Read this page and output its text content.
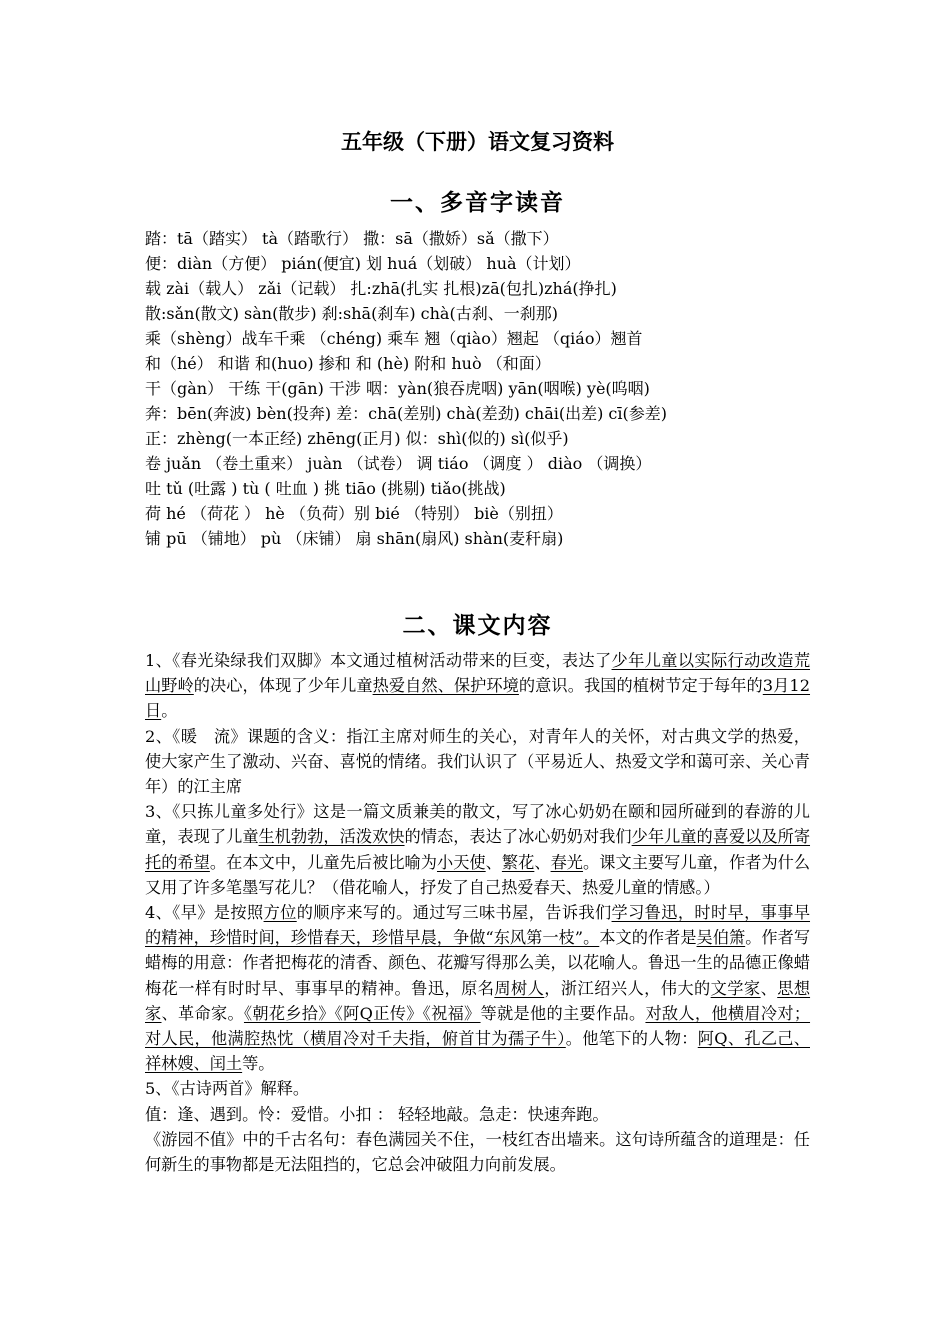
五年级（下册）语文复习资料
一、多音字读音
踏：tā（踏实） tà（踏歌行） 撒：sā（撒娇）sǎ（撒下）
便：diàn（方便） pián(便宜) 划 huá（划破） huà（计划）
载 zài（载人） zǎi（记载） 扎:zhā(扎实 扎根)zā(包扎)zhá(挣扎)
散:sǎn(散文) sàn(散步) 刹:shā(刹车) chà(古刹、一刹那)
乘（shèng）战车千乘 （chéng) 乘车 翘（qiào）翘起 （qiáo）翘首
和（hé） 和谐 和(huo) 掺和 和 (hè) 附和 huò （和面）
干（gàn） 干练 干(gān) 干涉 咽：yàn(狼吞虎咽) yān(咽喉) yè(呜咽)
奔：bēn(奔波) bèn(投奔) 差：chā(差别) chà(差劲) chāi(出差) cī(参差)
正：zhèng(一本正经) zhēng(正月) 似：shì(似的) sì(似乎)
卷 juǎn （卷土重来） juàn （试卷） 调 tiáo （调度 ） diào （调换）
吐 tǔ (吐露 ) tù ( 吐血 ) 挑 tiāo (挑剔) tiǎo(挑战)
荷 hé （荷花 ） hè （负荷）别 bié （特别） biè（别扭）
铺 pū （铺地） pù （床铺） 扇 shān(扇风) shàn(麦秆扇)
二、课文内容

1、《春光染绿我们双脚》本文通过植树活动带来的巨变，表达了少年儿童以实际行动改造荒山野岭的决心，体现了少年儿童热爱自然、保护环境的意识。我国的植树节定于每年的3月12日。

2、《暖　流》课题的含义：指江主席对师生的关心，对青年人的关怀，对古典文学的热爱，使大家产生了激动、兴奋、喜悦的情绪。我们认识了（平易近人、热爱文学和蔼可亲、关心青年）的江主席

3、《只拣儿童多处行》这是一篇文质兼美的散文，写了冰心奶奶在颐和园所碰到的春游的儿童，表现了儿童生机勃勃，活泼欢快的情态，表达了冰心奶奶对我们少年儿童的喜爱以及所寄托的希望。在本文中，儿童先后被比喻为小天使、繁花、春光。课文主要写儿童，作者为什么又用了许多笔墨写花儿？（借花喻人，抒发了自己热爱春天、热爱儿童的情感。）

4、《早》是按照方位的顺序来写的。通过写三味书屋，告诉我们学习鲁迅，时时早，事事早的精神，珍惜时间，珍惜春天，珍惜早晨，争做“东风第一枝”。本文的作者是吴伯箫。作者写蜡梅的用意：作者把梅花的清香、颜色、花瓣写得那么美，以花喻人。鲁迅一生的品德正像蜡梅花一样有时时早、事事早的精神。鲁迅，原名周树人，浙江绍兴人，伟大的文学家、思想家、革命家。《朝花乡拾》《阿Q正传》《祝福》等就是他的主要作品。对敌人，他横眉冷对；对人民，他满腔热忱（横眉冷对千夫指，俯首甘为孺子牛）。他笔下的人物：阿Q、孔乙己、祥林嫂、闰土等。

5、《古诗两首》解释。

值：逢、遇到。怜：爱惜。小扣 ： 轻轻地敲。急走：快速奔跑。

《游园不值》中的千古名句：春色满园关不住，一枝红杏出墙来。这句诗所蕴含的道理是：任何新生的事物都是无法阻挡的，它总会冲破阻力向前发展。
